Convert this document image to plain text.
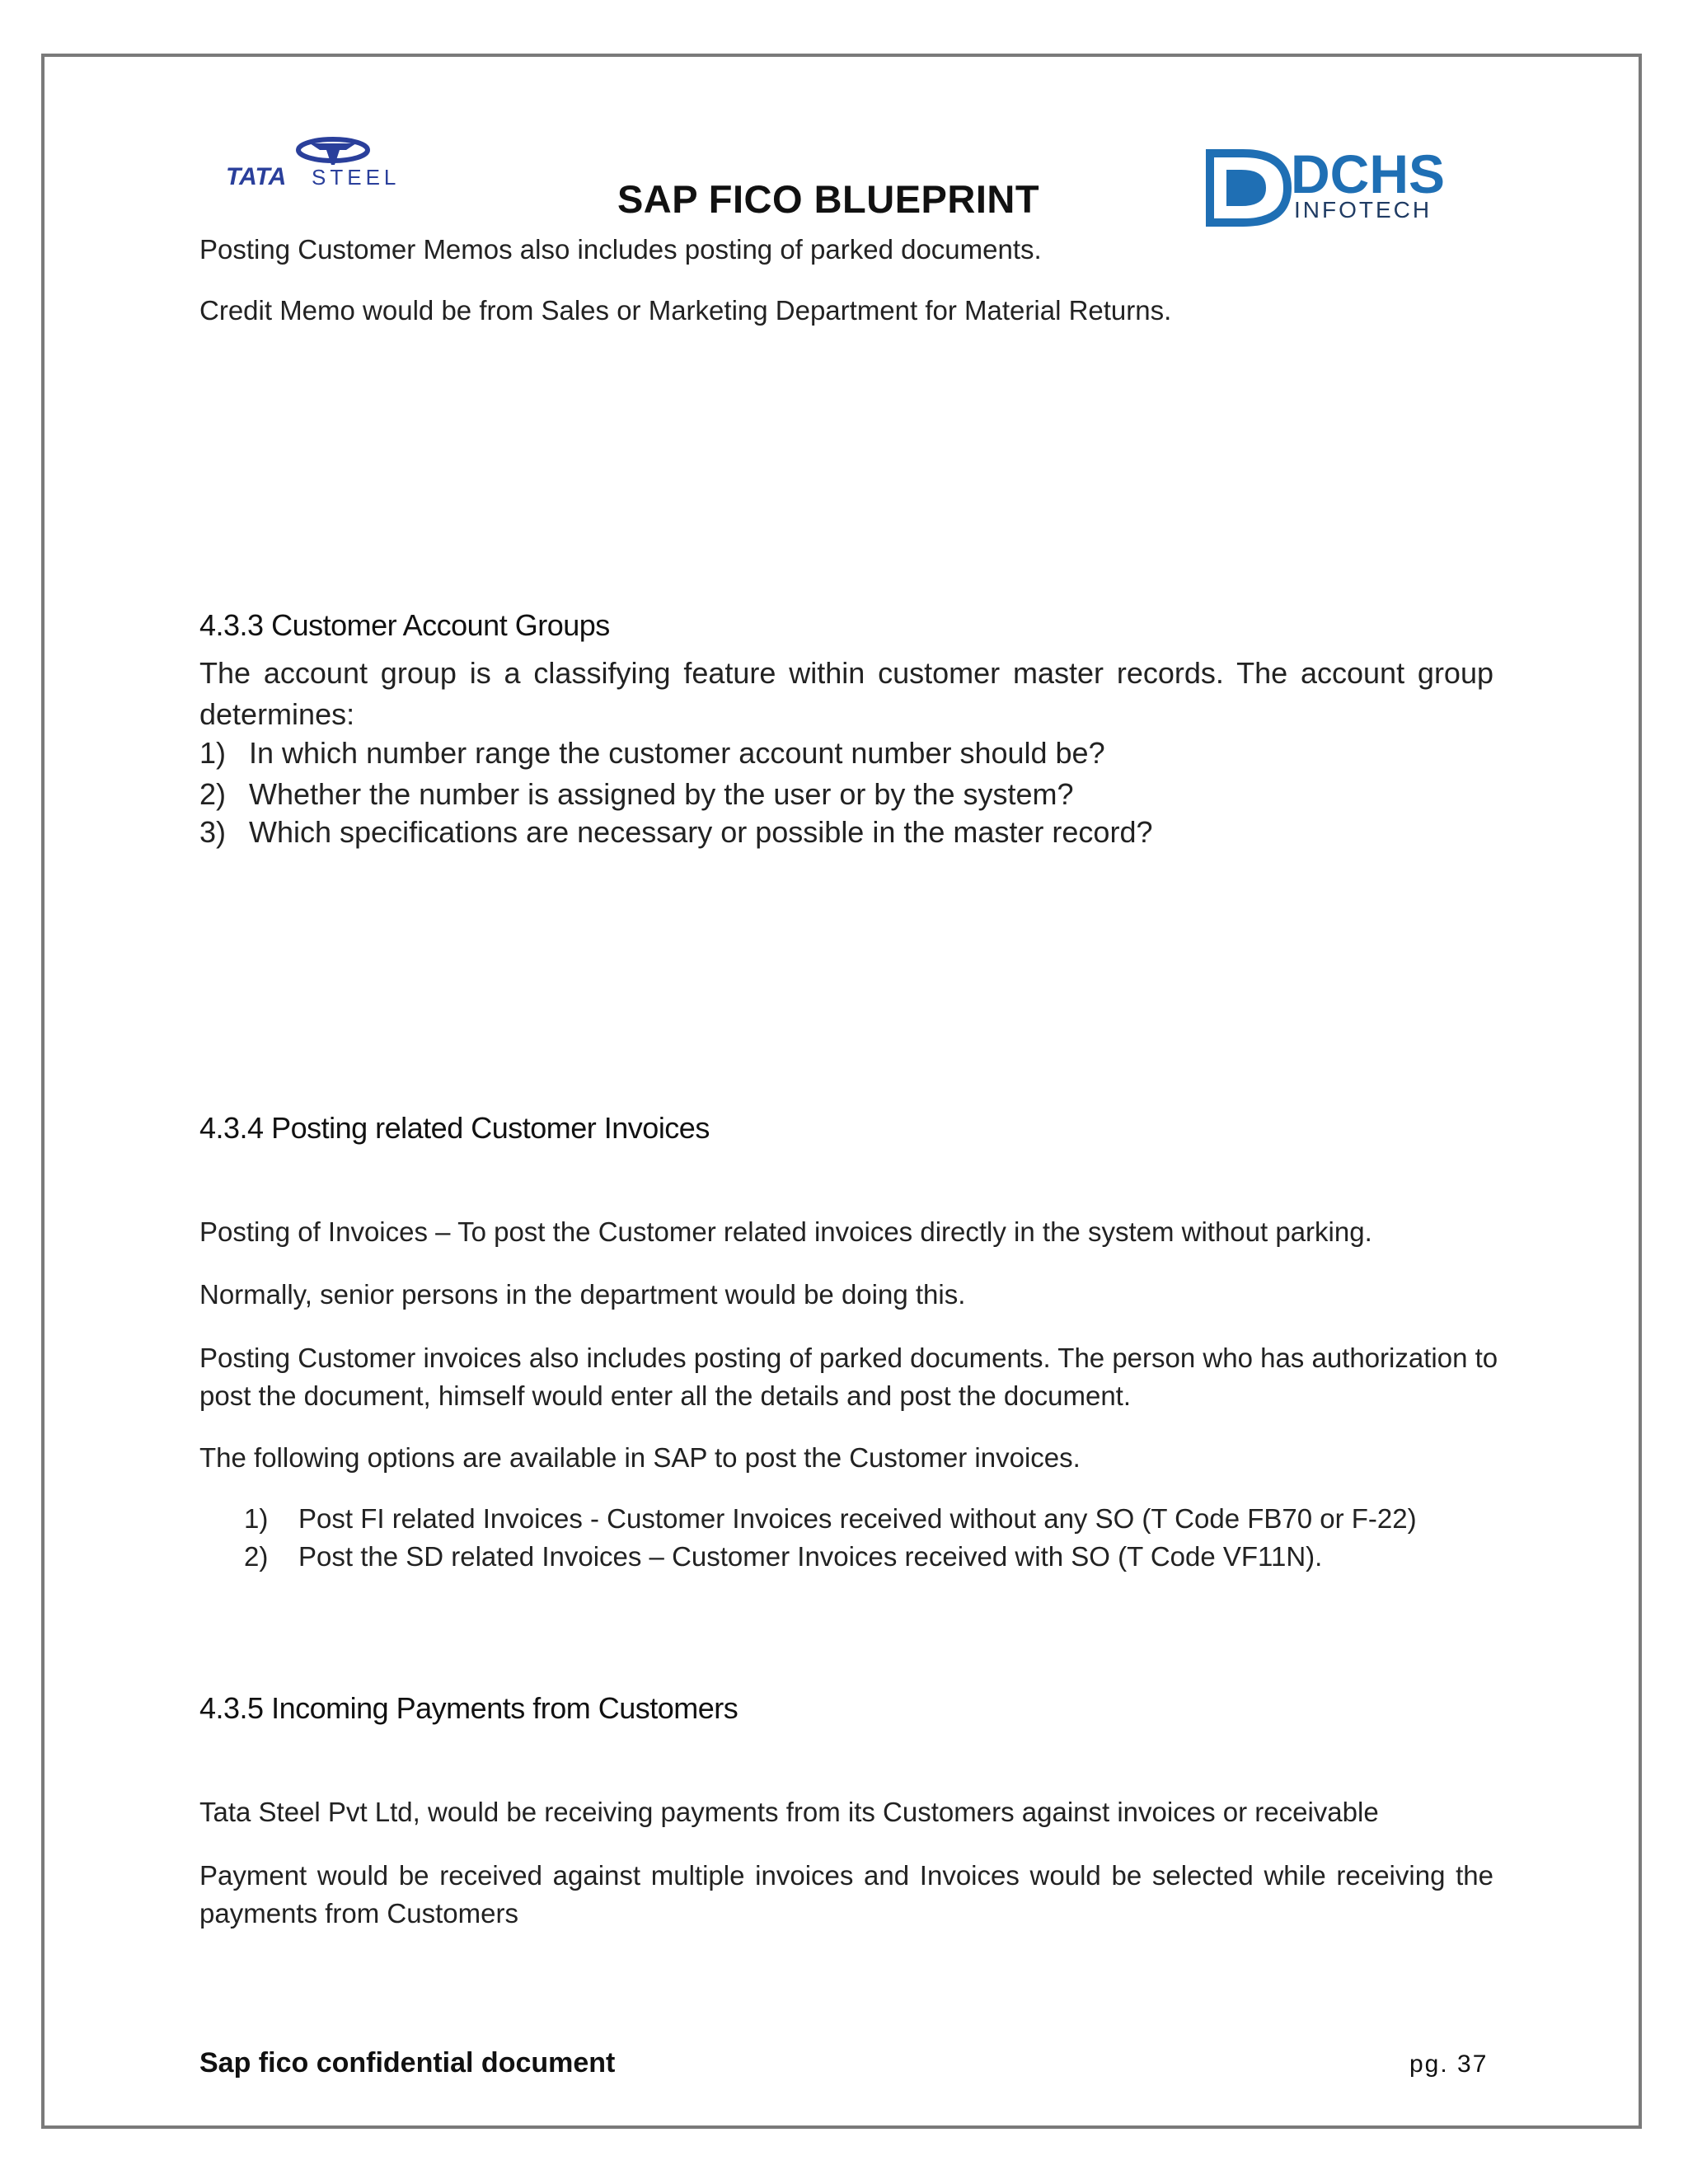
TATA STEEL	DCHS
INFOTECH
SAP FICO BLUEPRINT
Posting Customer Memos also includes posting of parked documents.
Credit Memo would be from Sales or Marketing Department for Material Returns.
4.3.3 Customer Account Groups
The account group is a classifying feature within customer master records. The account group determines:
1) In which number range the customer account number should be?
2) Whether the number is assigned by the user or by the system?
3) Which specifications are necessary or possible in the master record?
4.3.4 Posting related Customer Invoices
Posting of Invoices – To post the Customer related invoices directly in the system without parking.
Normally, senior persons in the department would be doing this.
Posting Customer invoices also includes posting of parked documents. The person who has authorization to post the document, himself would enter all the details and post the document.
The following options are available in SAP to post the Customer invoices.
1) Post FI related Invoices - Customer Invoices received without any SO (T Code FB70 or F-22)
2) Post the SD related Invoices – Customer Invoices received with SO (T Code VF11N).
4.3.5 Incoming Payments from Customers
Tata Steel Pvt Ltd, would be receiving payments from its Customers against invoices or receivable
Payment would be received against multiple invoices and Invoices would be selected while receiving the payments from Customers
Sap fico confidential document	pg. 37
